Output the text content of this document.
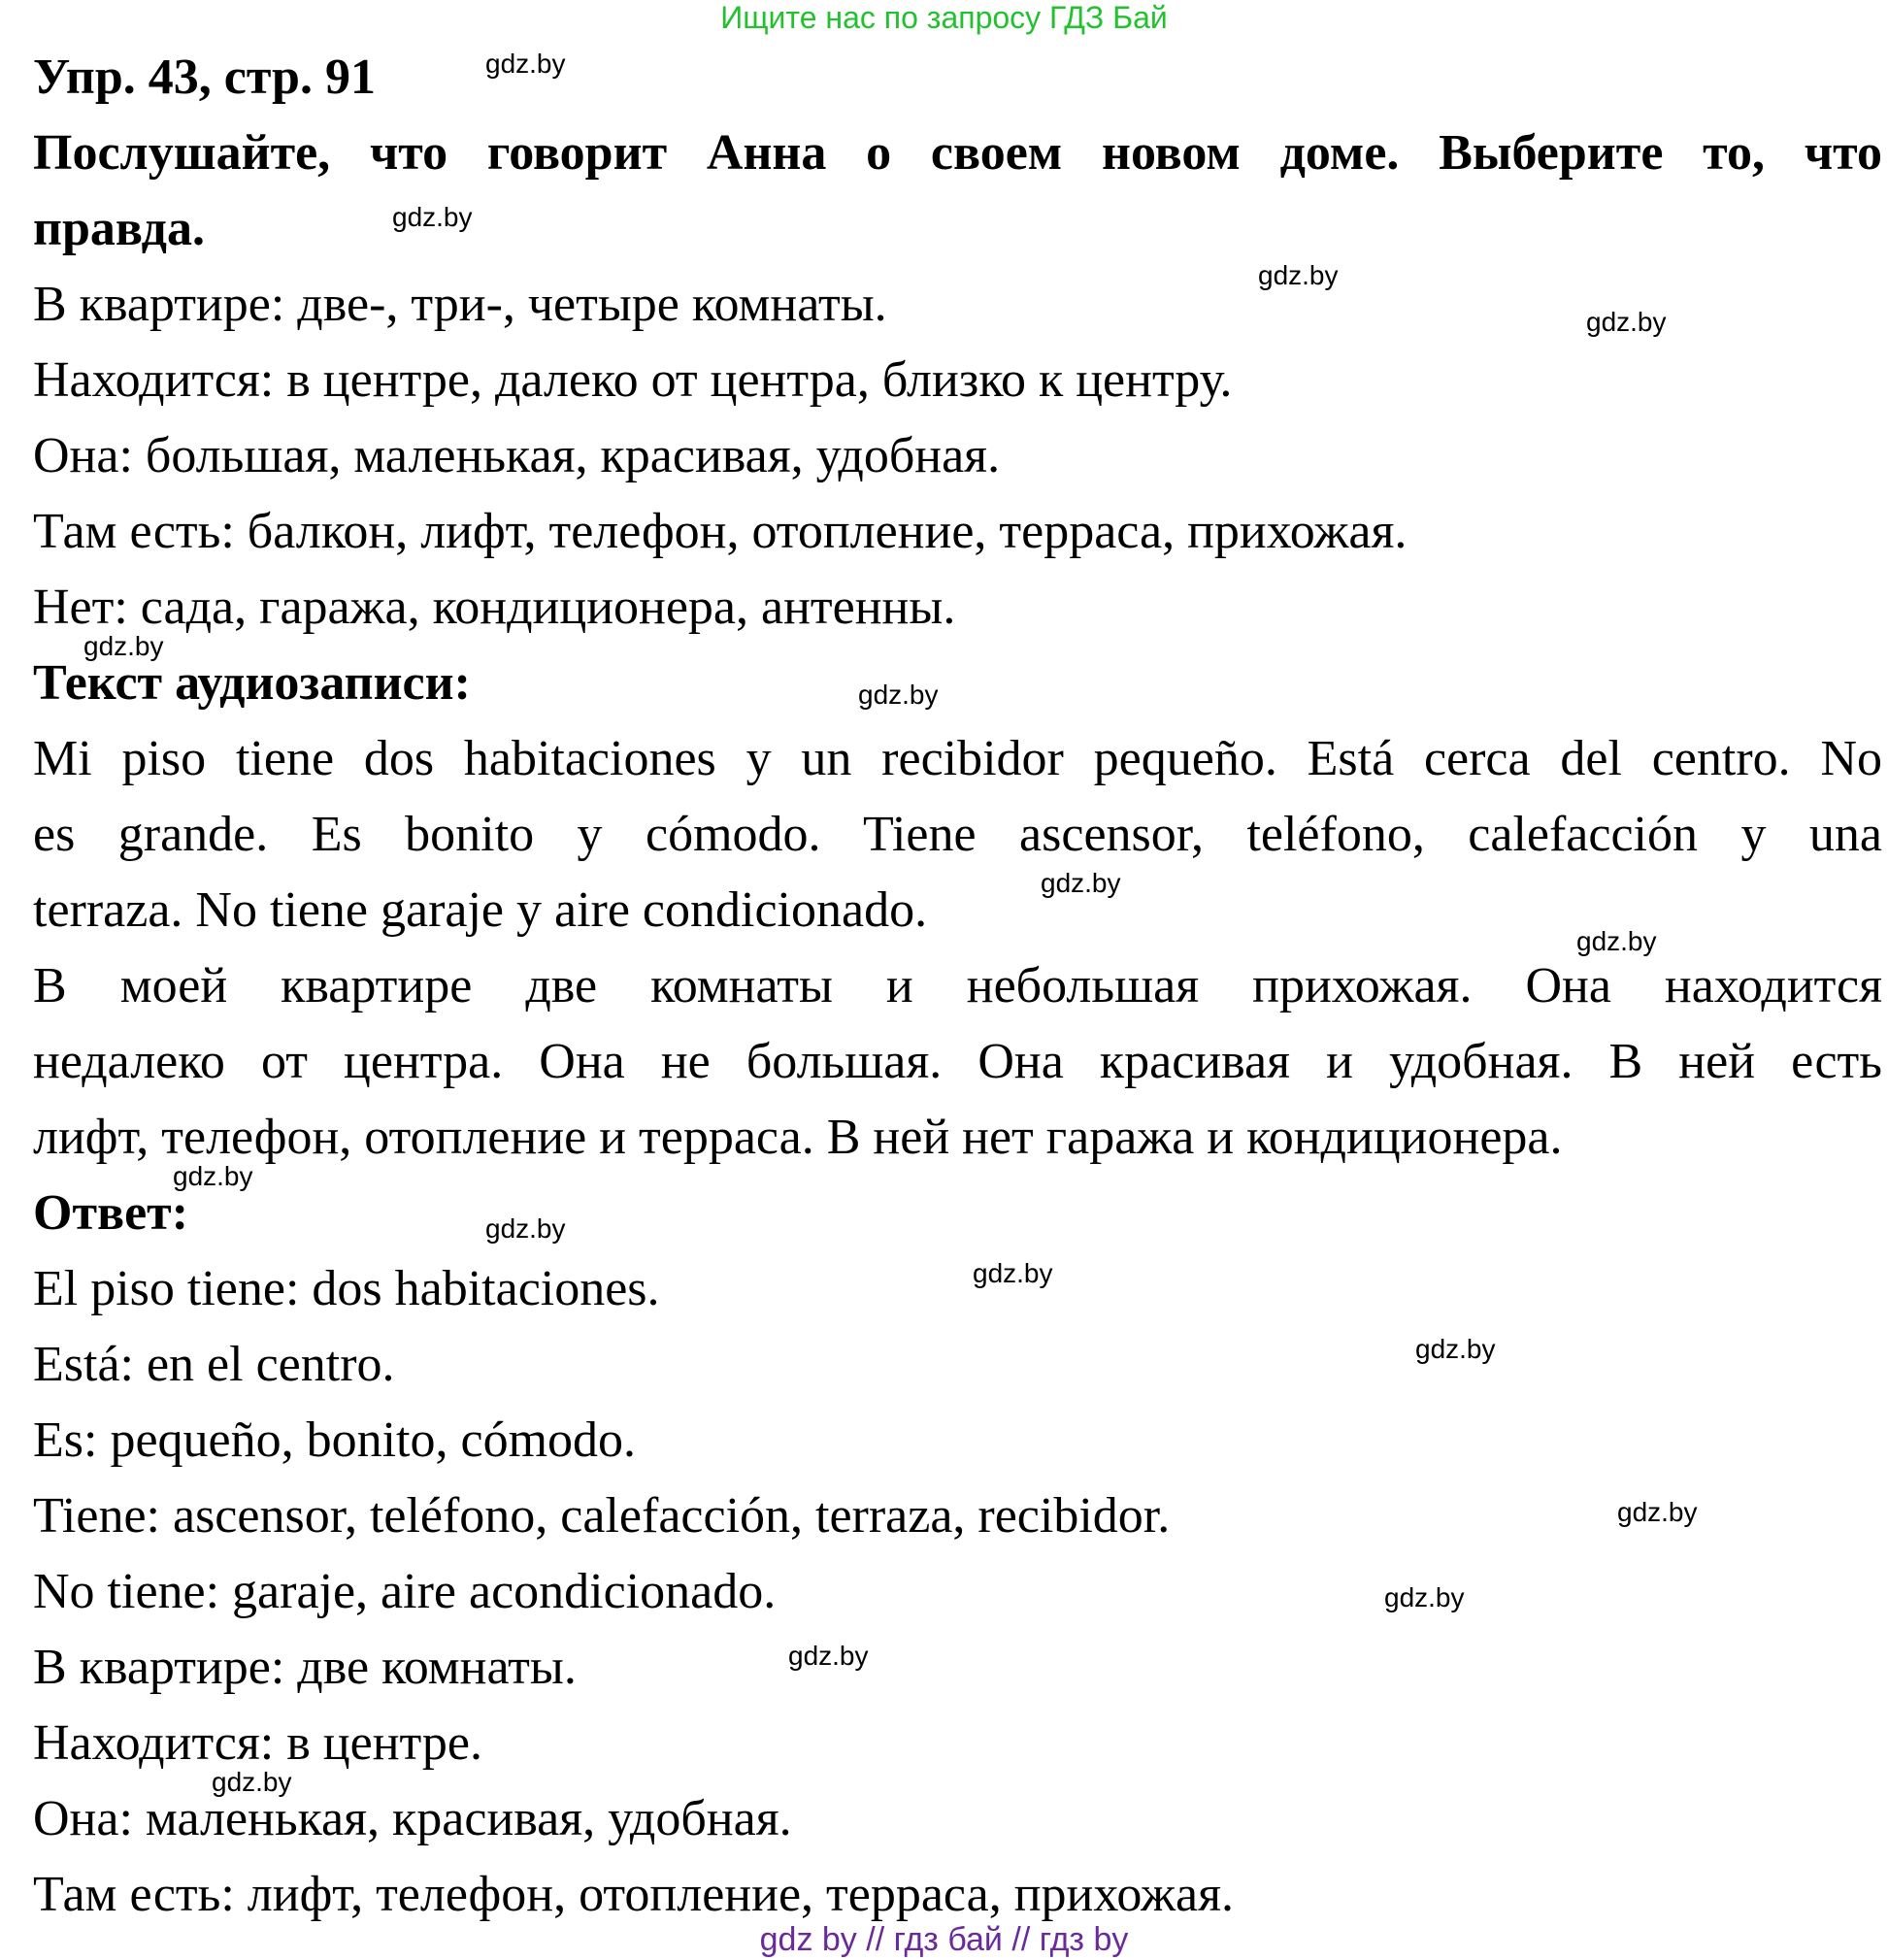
Ищите нас по запросу ГДЗ Бай
Упр. 43, стр. 91
Послушайте, что говорит Анна о своем новом доме. Выберите то, что
правда.
В квартире: две-, три-, четыре комнаты.
Находится: в центре, далеко от центра, близко к центру.
Она: большая, маленькая, красивая, удобная.
Там есть: балкон, лифт, телефон, отопление, терраса, прихожая.
Нет: сада, гаража, кондиционера, антенны.
Текст аудиозаписи:
Mi piso tiene dos habitaciones y un recibidor pequeño. Está cerca del centro. No
es grande. Es bonito y cómodo. Tiene ascensor, teléfono, calefacción y una
terraza. No tiene garaje y aire condicionado.
В моей квартире две комнаты и небольшая прихожая. Она находится
недалеко от центра. Она не большая. Она красивая и удобная. В ней есть
лифт, телефон, отопление и терраса. В ней нет гаража и кондиционера.
Ответ:
El piso tiene: dos habitaciones.
Está: en el centro.
Es: pequeño, bonito, cómodo.
Tiene: ascensor, teléfono, calefacción, terraza, recibidor.
No tiene: garaje, aire acondicionado.
В квартире: две комнаты.
Находится: в центре.
Она: маленькая, красивая, удобная.
Там есть: лифт, телефон, отопление, терраса, прихожая.
gdz.by
gdz.by
gdz.by
gdz.by
gdz.by
gdz.by
gdz.by
gdz.by
gdz.by
gdz.by
gdz.by
gdz.by
gdz.by
gdz.by
gdz.by
gdz.by
gdz by // гдз бай // гдз by
